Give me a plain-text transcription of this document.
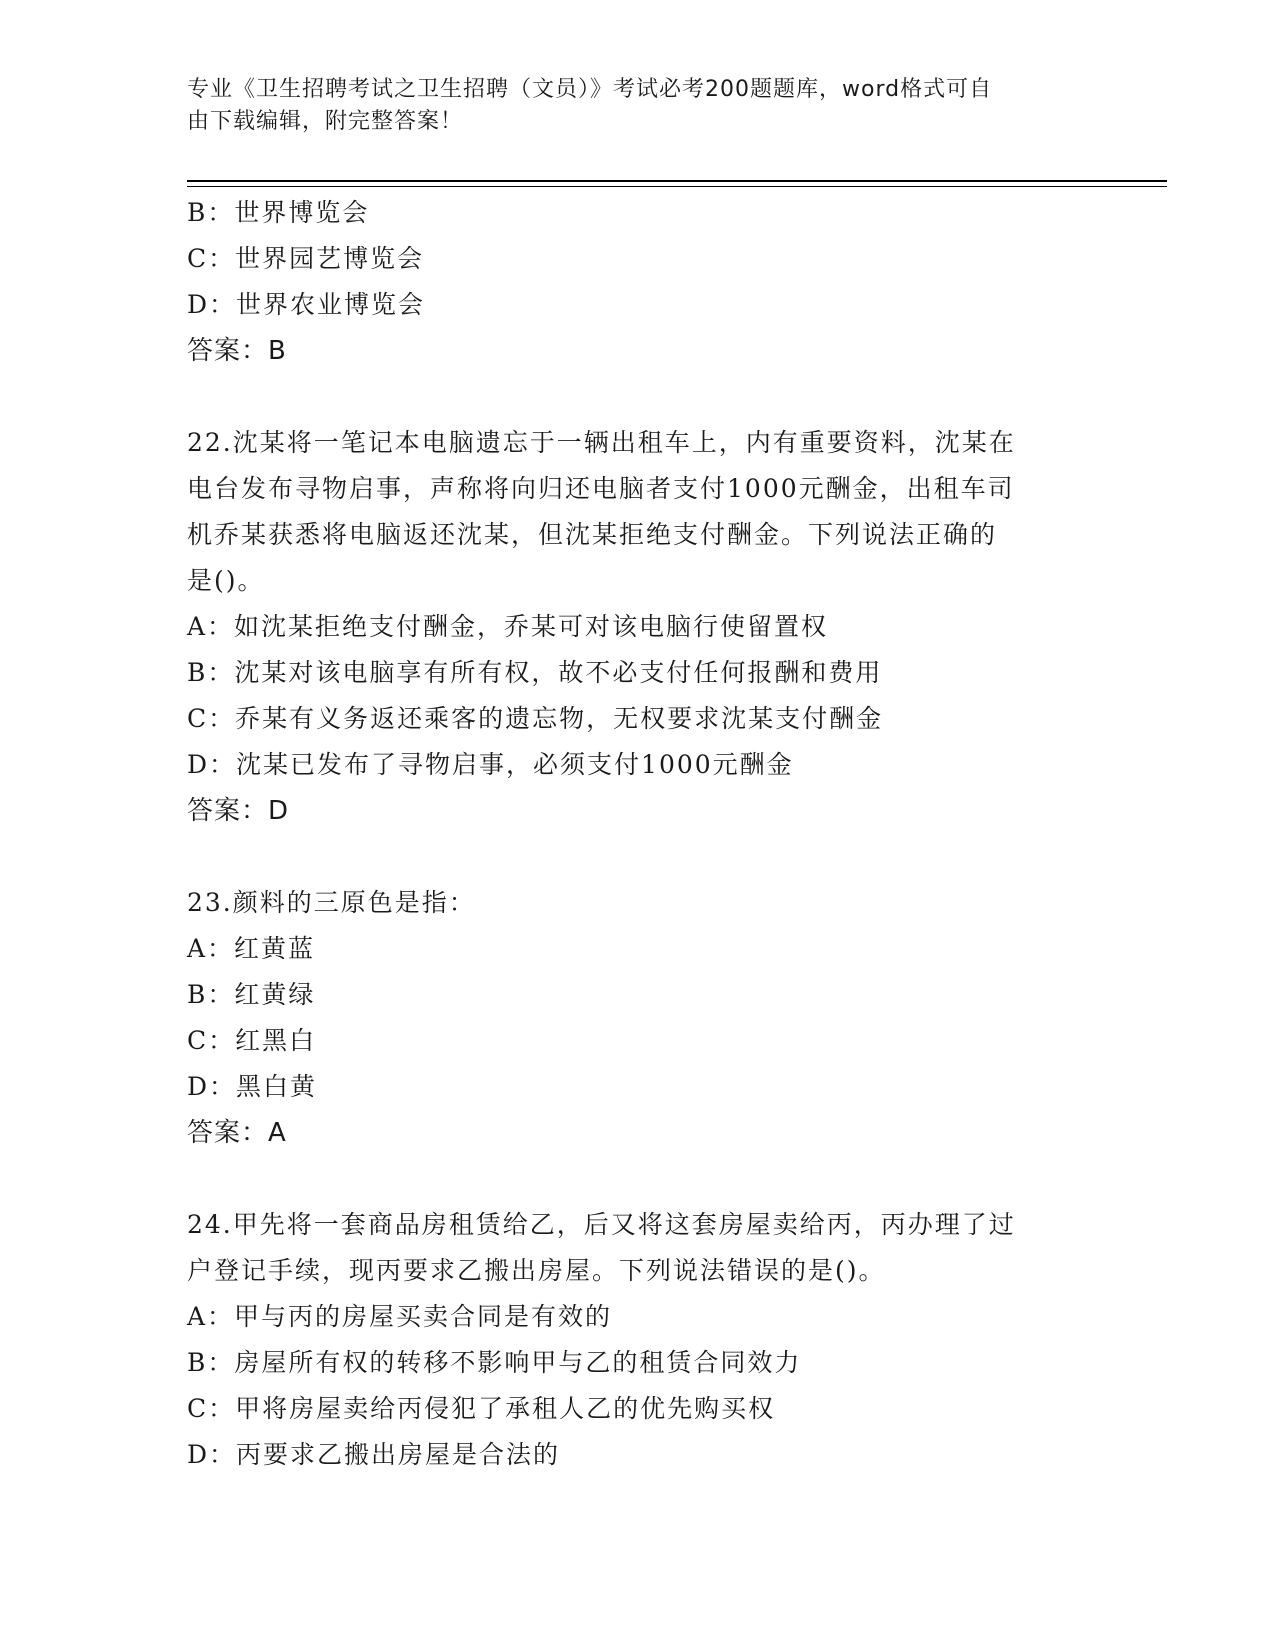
专业《卫生招聘考试之卫生招聘（文员）》考试必考200题题库，word格式可自
由下载编辑，附完整答案！
B：世界博览会
C：世界园艺博览会
D：世界农业博览会
答案：B
22.沈某将一笔记本电脑遗忘于一辆出租车上，内有重要资料，沈某在
电台发布寻物启事，声称将向归还电脑者支付1000元酬金，出租车司
机乔某获悉将电脑返还沈某，但沈某拒绝支付酬金。下列说法正确的
是()。
A：如沈某拒绝支付酬金，乔某可对该电脑行使留置权
B：沈某对该电脑享有所有权，故不必支付任何报酬和费用
C：乔某有义务返还乘客的遗忘物，无权要求沈某支付酬金
D：沈某已发布了寻物启事，必须支付1000元酬金
答案：D
23.颜料的三原色是指：
A：红黄蓝
B：红黄绿
C：红黑白
D：黑白黄
答案：A
24.甲先将一套商品房租赁给乙，后又将这套房屋卖给丙，丙办理了过
户登记手续，现丙要求乙搬出房屋。下列说法错误的是()。
A：甲与丙的房屋买卖合同是有效的
B：房屋所有权的转移不影响甲与乙的租赁合同效力
C：甲将房屋卖给丙侵犯了承租人乙的优先购买权
D：丙要求乙搬出房屋是合法的
